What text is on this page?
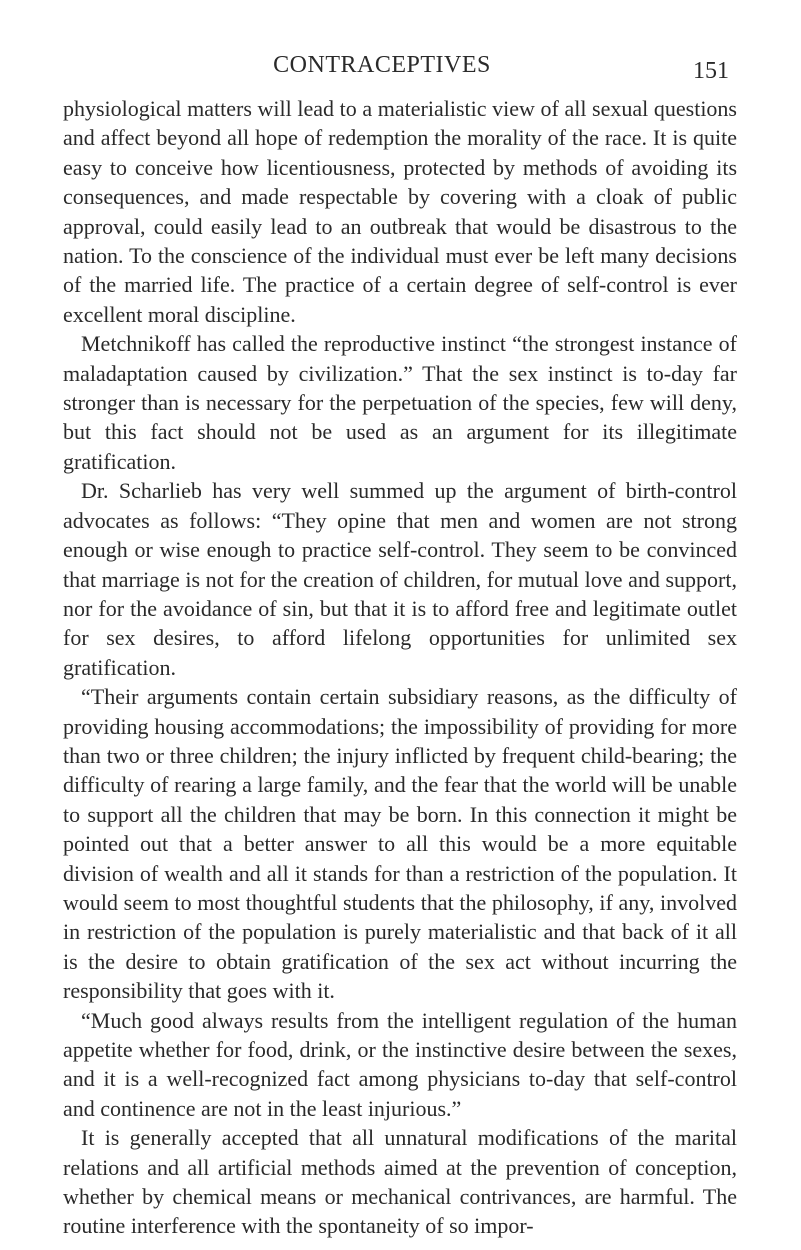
CONTRACEPTIVES	151

physiological matters will lead to a materialistic view of all sexual questions and affect beyond all hope of redemption the morality of the race. It is quite easy to conceive how licentiousness, protected by methods of avoiding its consequences, and made respectable by covering with a cloak of public approval, could easily lead to an outbreak that would be disastrous to the nation. To the conscience of the individual must ever be left many decisions of the married life. The practice of a certain degree of self-control is ever excellent moral discipline.

Metchnikoff has called the reproductive instinct “the strongest instance of maladaptation caused by civilization.” That the sex instinct is to-day far stronger than is necessary for the perpetuation of the species, few will deny, but this fact should not be used as an argument for its illegitimate gratification.

Dr. Scharlieb has very well summed up the argument of birth-control advocates as follows: “They opine that men and women are not strong enough or wise enough to practice self-control. They seem to be convinced that marriage is not for the creation of children, for mutual love and support, nor for the avoidance of sin, but that it is to afford free and legitimate outlet for sex desires, to afford lifelong opportunities for unlimited sex gratification.

“Their arguments contain certain subsidiary reasons, as the difficulty of providing housing accommodations; the impossibility of providing for more than two or three children; the injury inflicted by frequent child-bearing; the difficulty of rearing a large family, and the fear that the world will be unable to support all the children that may be born. In this connection it might be pointed out that a better answer to all this would be a more equitable division of wealth and all it stands for than a restriction of the population. It would seem to most thoughtful students that the philosophy, if any, involved in restriction of the population is purely materialistic and that back of it all is the desire to obtain gratification of the sex act without incurring the responsibility that goes with it.

“Much good always results from the intelligent regulation of the human appetite whether for food, drink, or the instinctive desire between the sexes, and it is a well-recognized fact among physicians to-day that self-control and continence are not in the least injurious.”

It is generally accepted that all unnatural modifications of the marital relations and all artificial methods aimed at the prevention of conception, whether by chemical means or mechanical contrivances, are harmful. The routine interference with the spontaneity of so impor-
